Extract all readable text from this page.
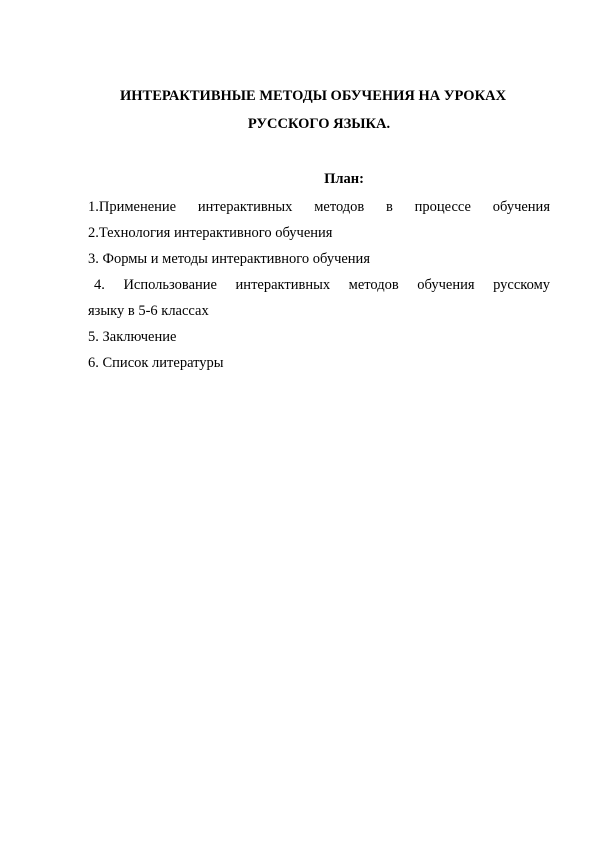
ИНТЕРАКТИВНЫЕ МЕТОДЫ ОБУЧЕНИЯ НА УРОКАХ
РУССКОГО ЯЗЫКА.
План:
1.Применение интерактивных методов в процессе обучения
2.Технология интерактивного обучения
3. Формы и методы интерактивного обучения
4. Использование интерактивных методов обучения русскому
языку в 5-6 классах
5. Заключение
6. Список литературы
